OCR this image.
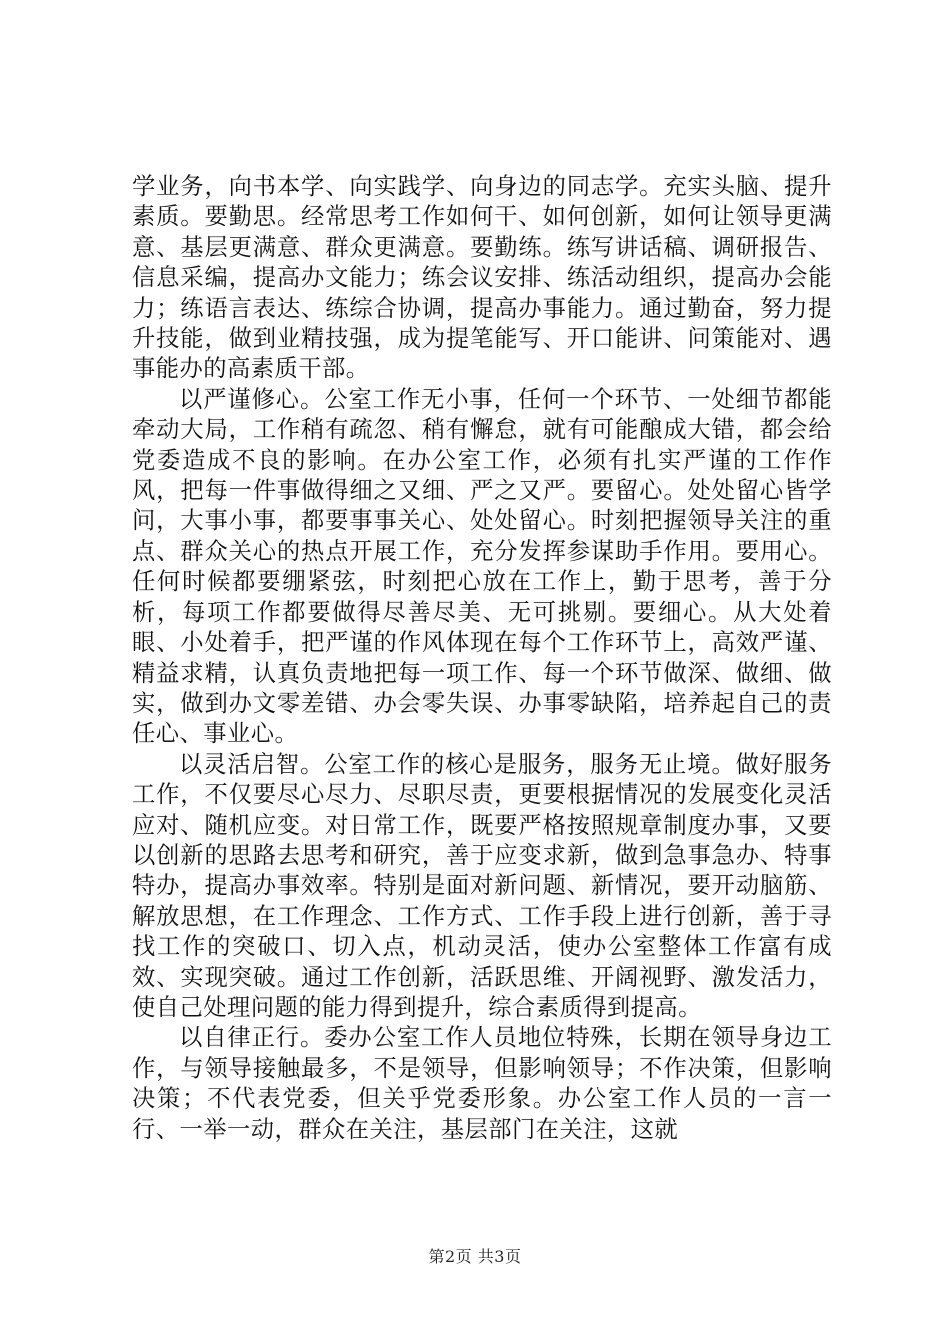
学业务，向书本学、向实践学、向身边的同志学。充实头脑、提升素质。要勤思。经常思考工作如何干、如何创新，如何让领导更满意、基层更满意、群众更满意。要勤练。练写讲话稿、调研报告、信息采编，提高办文能力；练会议安排、练活动组织，提高办会能力；练语言表达、练综合协调，提高办事能力。通过勤奋，努力提升技能，做到业精技强，成为提笔能写、开口能讲、问策能对、遇事能办的高素质干部。

以严谨修心。公室工作无小事，任何一个环节、一处细节都能牵动大局，工作稍有疏忽、稍有懈怠，就有可能酿成大错，都会给党委造成不良的影响。在办公室工作，必须有扎实严谨的工作作风，把每一件事做得细之又细、严之又严。要留心。处处留心皆学问，大事小事，都要事事关心、处处留心。时刻把握领导关注的重点、群众关心的热点开展工作，充分发挥参谋助手作用。要用心。任何时候都要绷紧弦，时刻把心放在工作上，勤于思考，善于分析，每项工作都要做得尽善尽美、无可挑剔。要细心。从大处着眼、小处着手，把严谨的作风体现在每个工作环节上，高效严谨、精益求精，认真负责地把每一项工作、每一个环节做深、做细、做实，做到办文零差错、办会零失误、办事零缺陷，培养起自己的责任心、事业心。

以灵活启智。公室工作的核心是服务，服务无止境。做好服务工作，不仅要尽心尽力、尽职尽责，更要根据情况的发展变化灵活应对、随机应变。对日常工作，既要严格按照规章制度办事，又要以创新的思路去思考和研究，善于应变求新，做到急事急办、特事特办，提高办事效率。特别是面对新问题、新情况，要开动脑筋、解放思想，在工作理念、工作方式、工作手段上进行创新，善于寻找工作的突破口、切入点，机动灵活，使办公室整体工作富有成效、实现突破。通过工作创新，活跃思维、开阔视野、激发活力，使自己处理问题的能力得到提升，综合素质得到提高。

以自律正行。委办公室工作人员地位特殊，长期在领导身边工作，与领导接触最多，不是领导，但影响领导；不作决策，但影响决策；不代表党委，但关乎党委形象。办公室工作人员的一言一行、一举一动，群众在关注，基层部门在关注，这就

第2页 共3页
